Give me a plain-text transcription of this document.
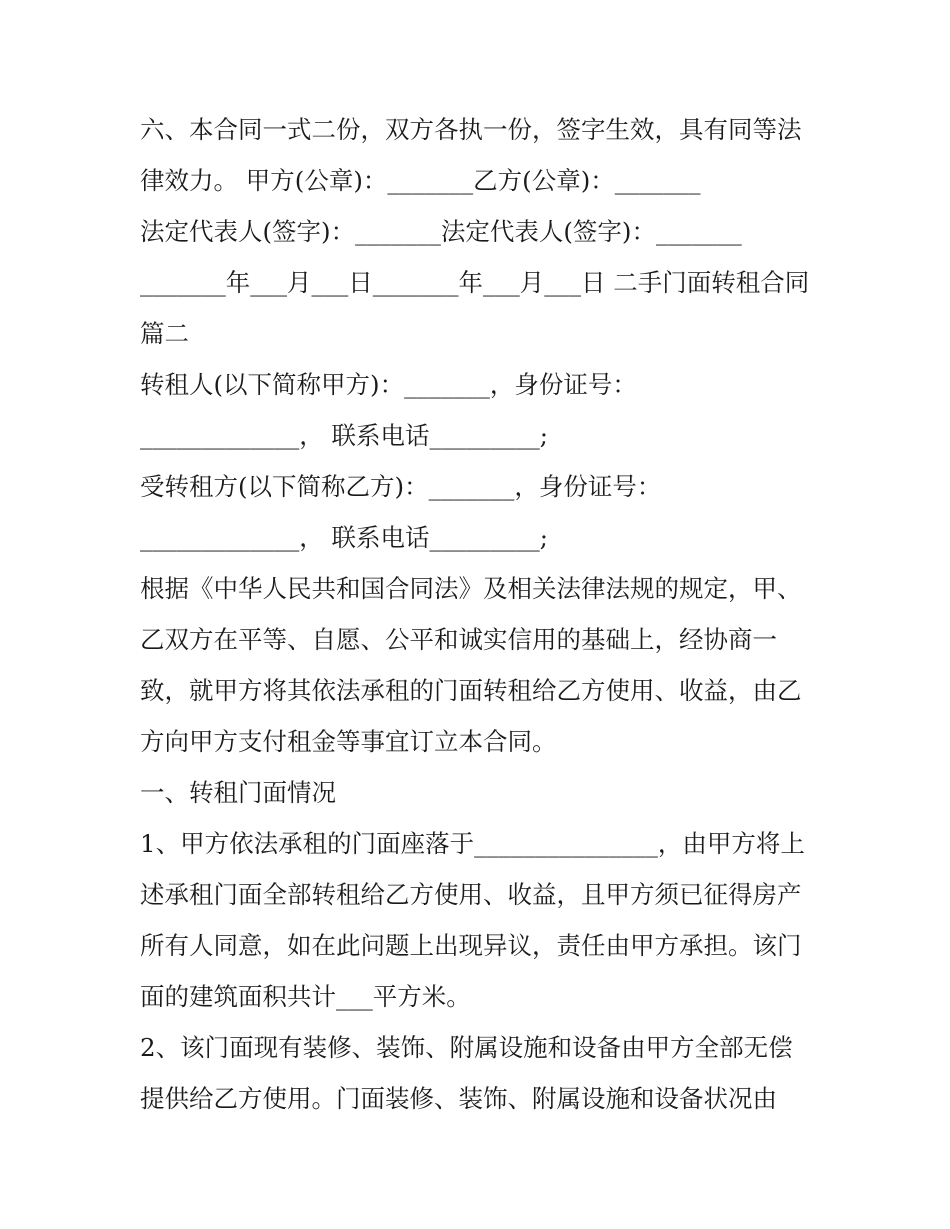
六、本合同一式二份，双方各执一份，签字生效，具有同等法
律效力。 甲方(公章)：_______乙方(公章)：_______
法定代表人(签字)：_______法定代表人(签字)：_______
_______年___月___日_______年___月___日 二手门面转租合同
篇二
转租人(以下简称甲方)：_______，身份证号：
_____________， 联系电话_________;
受转租方(以下简称乙方)：_______，身份证号：
_____________， 联系电话_________;
根据《中华人民共和国合同法》及相关法律法规的规定，甲、
乙双方在平等、自愿、公平和诚实信用的基础上，经协商一
致，就甲方将其依法承租的门面转租给乙方使用、收益，由乙
方向甲方支付租金等事宜订立本合同。
一、转租门面情况
1、甲方依法承租的门面座落于_______________，由甲方将上
述承租门面全部转租给乙方使用、收益，且甲方须已征得房产
所有人同意，如在此问题上出现异议，责任由甲方承担。该门
面的建筑面积共计___平方米。
2、该门面现有装修、装饰、附属设施和设备由甲方全部无偿
提供给乙方使用。门面装修、装饰、附属设施和设备状况由
